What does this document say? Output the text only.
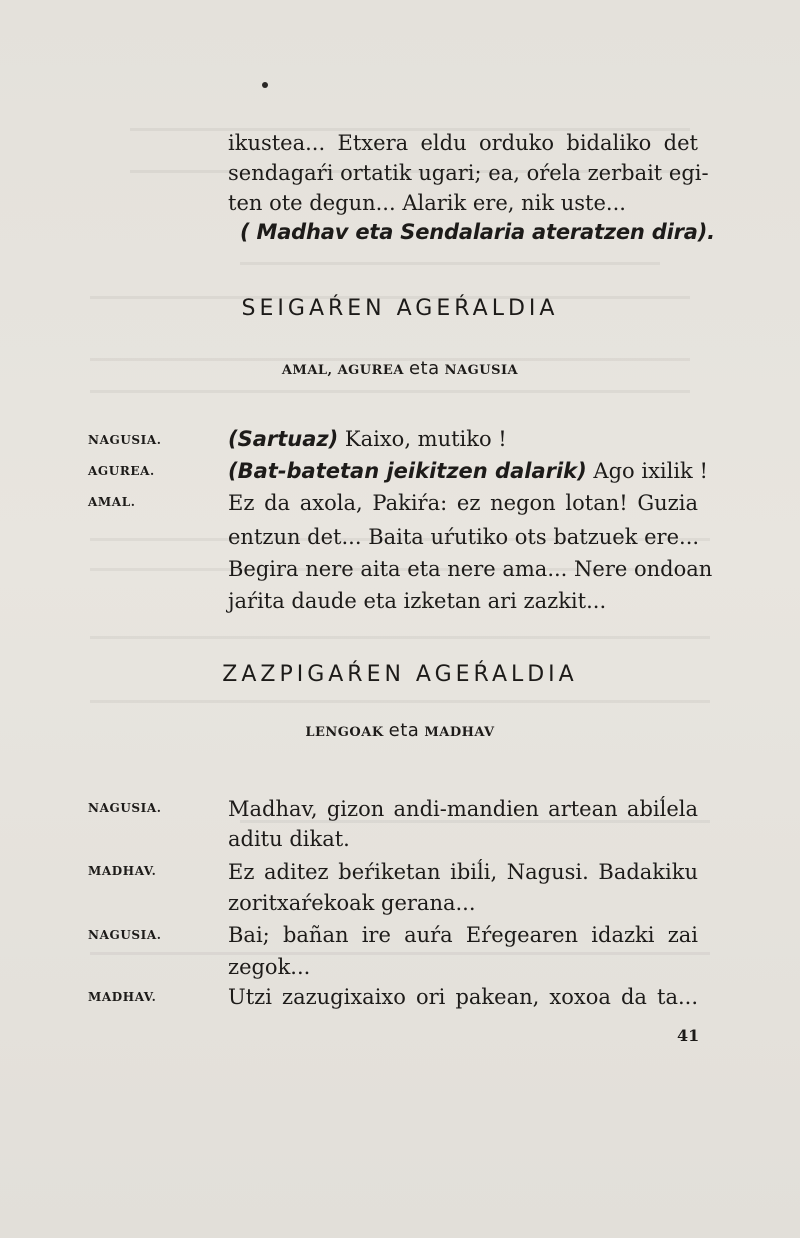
ikustea... Etxera eldu orduko bidaliko det
sendagaŕi ortatik ugari; ea, oŕela zerbait egi-
ten ote degun... Alarik ere, nik uste...
( Madhav eta Sendalaria ateratzen dira).
SEIGAŔEN AGEŔALDIA
AMAL, AGUREA eta NAGUSIA
NAGUSIA.	(Sartuaz) Kaixo, mutiko !
AGUREA.	(Bat-batetan jeikitzen dalarik) Ago ixilik !
AMAL.	Ez da axola, Pakiŕa: ez negon lotan! Guzia
entzun det... Baita uŕutiko ots batzuek ere...
Begira nere aita eta nere ama... Nere ondoan
jaŕita daude eta izketan ari zazkit...
ZAZPIGAŔEN AGEŔALDIA
LENGOAK eta MADHAV
NAGUSIA.	Madhav, gizon andi-mandien artean abiĺela
aditu dikat.
MADHAV.	Ez aditez beŕiketan ibiĺi, Nagusi. Badakiku
zoritxaŕekoak gerana...
NAGUSIA.	Bai; bañan ire auŕa Eŕegearen idazki zai
zegok...
MADHAV.	Utzi zazugixaixo ori pakean, xoxoa da ta...
41
